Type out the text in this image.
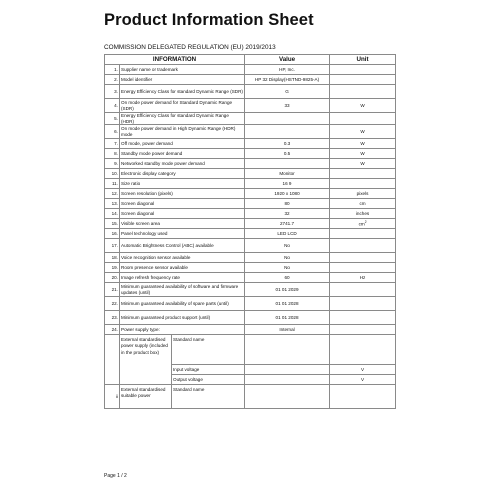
Product Information Sheet
COMMISSION DELEGATED REGULATION (EU) 2019/2013
INFORMATION			Value	Unit
1.	Supplier name or trademark		HP, Inc.	
2.	Model identifier		HP 32 Display(HSTND-9825-A)	
3.	Energy Efficiency Class for standard Dynamic Range (SDR)		G	
4.	On mode power demand for Standard Dynamic Range (SDR)		33	W
5.	Energy Efficiency Class for standard Dynamic Range (HDR)			
6.	On mode power demand in High Dynamic Range (HDR) mode			W
7.	Off mode, power demand		0.3	W
8.	Standby mode power demand		0.5	W
9.	Networked standby mode power demand			W
10.	Electronic display category		Monitor	
11.	Size ratio		16 9	
12.	Screen resolution (pixels)		1920 x 1080	pixels
13.	Screen diagonal		80	cm
14.	Screen diagonal		32	inches
15.	Visible screen area		2741.7	$cm^2$
16.	Panel technology used		LED LCD	
17.	Automatic Brightness Control (ABC) available		No	
18.	Voice recognition sensor available		No	
19.	Room presence sensor available		No	
20.	Image refresh frequency rate		60	Hz
21.	Minimum guaranteed availability of software and firmware updates (until)		01 01 2029	
22.	Minimum guaranteed availability of spare parts (until)		01 01 2028	
23.	Minimum guaranteed product support (until)		01 01 2028	
24.	Power supply type:		Internal	
	External standardised power supply (included in the product box)	Standard name		
		Input voltage		V
		Output voltage		V
ii	External standardised suitable power	Standard name		
Page 1 / 2
